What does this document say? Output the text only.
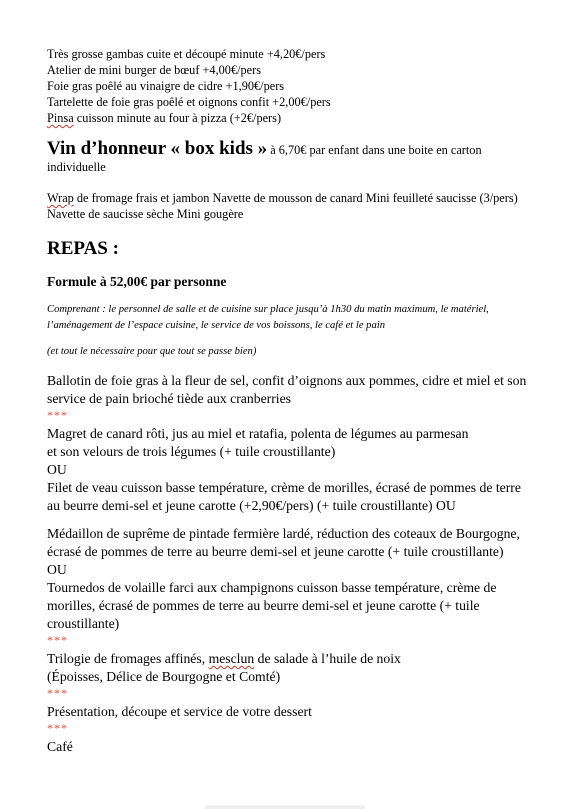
Très grosse gambas cuite et découpé minute +4,20€/pers

Atelier de mini burger de bœuf +4,00€/pers

Foie gras poêlé au vinaigre de cidre +1,90€/pers

Tartelette de foie gras poêlé et oignons confit +2,00€/pers

Pinsa cuisson minute au four à pizza (+2€/pers)

Vin d’honneur « box kids » à 6,70€ par enfant dans une boite en carton individuelle

Wrap de fromage frais et jambon Navette de mousson de canard Mini feuilleté saucisse (3/pers) Navette de saucisse sèche Mini gougère

REPAS :

Formule à 52,00€ par personne

Comprenant : le personnel de salle et de cuisine sur place jusqu’à 1h30 du matin maximum, le matériel, l’aménagement de l’espace cuisine, le service de vos boissons, le café et le pain

(et tout le nécessaire pour que tout se passe bien)

Ballotin de foie gras à la fleur de sel, confit d’oignons aux pommes, cidre et miel et son service de pain brioché tiède aux cranberries

***

Magret de canard rôti, jus au miel et ratafia, polenta de légumes au parmesan

et son velours de trois légumes (+ tuile croustillante)

OU

Filet de veau cuisson basse température, crème de morilles, écrasé de pommes de terre au beurre demi-sel et jeune carotte (+2,90€/pers) (+ tuile croustillante) OU

Médaillon de suprême de pintade fermière lardé, réduction des coteaux de Bourgogne, écrasé de pommes de terre au beurre demi-sel et jeune carotte (+ tuile croustillante)

OU

Tournedos de volaille farci aux champignons cuisson basse température, crème de morilles, écrasé de pommes de terre au beurre demi-sel et jeune carotte (+ tuile croustillante)

***

Trilogie de fromages affinés, mesclun de salade à l’huile de noix

(Époisses, Délice de Bourgogne et Comté)

***

Présentation, découpe et service de votre dessert

***

Café
